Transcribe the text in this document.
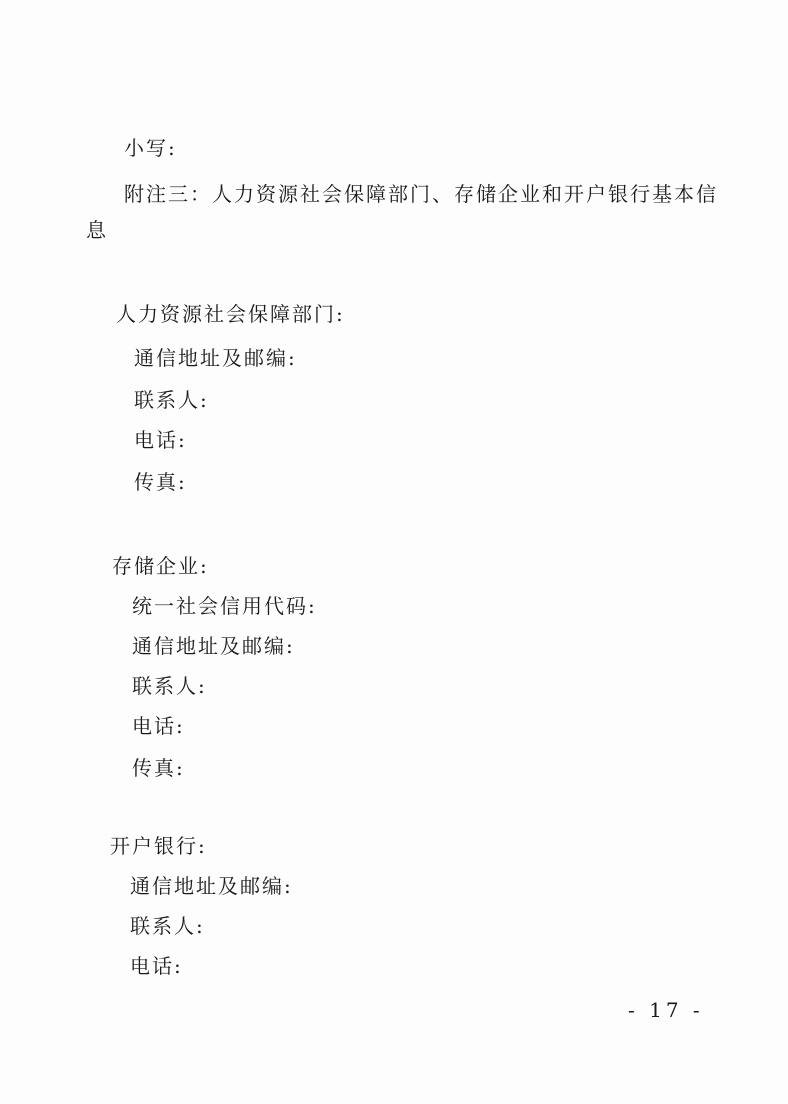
小写:
附注三：人力资源社会保障部门、存储企业和开户银行基本信
息
人力资源社会保障部门:
通信地址及邮编:
联系人:
电话:
传真:
存储企业:
统一社会信用代码:
通信地址及邮编:
联系人:
电话:
传真:
开户银行:
通信地址及邮编:
联系人:
电话:
- 17 -
